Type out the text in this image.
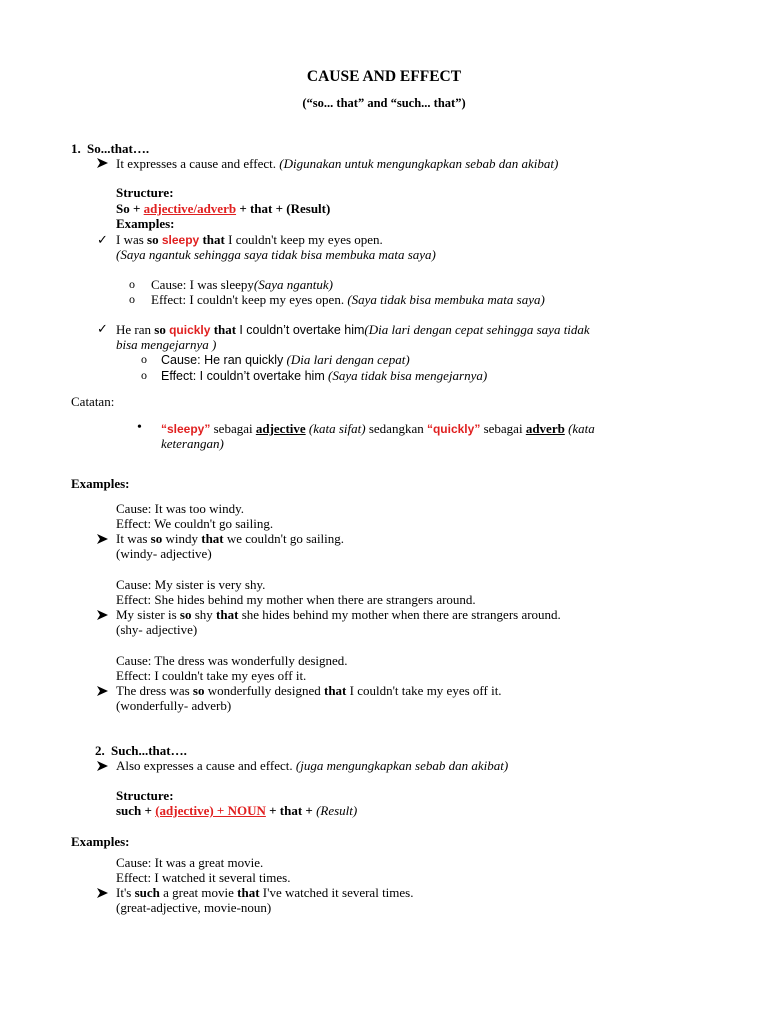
CAUSE AND EFFECT
(“so... that” and “such... that”)
1. So...that….
It expresses a cause and effect. (Digunakan untuk mengungkapkan sebab dan akibat)
Structure:
So + adjective/adverb + that + (Result)
Examples:
✓ I was so sleepy that I couldn't keep my eyes open.
(Saya ngantuk sehingga saya tidak bisa membuka mata saya)
o Cause: I was sleepy(Saya ngantuk)
o Effect: I couldn't keep my eyes open. (Saya tidak bisa membuka mata saya)
✓ He ran so quickly that I couldn’t overtake him(Dia lari dengan cepat sehingga saya tidak
bisa mengejarnya )
o Cause: He ran quickly (Dia lari dengan cepat)
o Effect: I couldn’t overtake him (Saya tidak bisa mengejarnya)
Catatan:
• “sleepy” sebagai adjective (kata sifat) sedangkan “quickly” sebagai adverb (kata
keterangan)
Examples:
Cause: It was too windy.
Effect: We couldn't go sailing.
It was so windy that we couldn't go sailing.
(windy- adjective)
Cause: My sister is very shy.
Effect: She hides behind my mother when there are strangers around.
My sister is so shy that she hides behind my mother when there are strangers around.
(shy- adjective)
Cause: The dress was wonderfully designed.
Effect: I couldn't take my eyes off it.
The dress was so wonderfully designed that I couldn't take my eyes off it.
(wonderfully- adverb)
2. Such...that….
Also expresses a cause and effect. (juga mengungkapkan sebab dan akibat)
Structure:
such + (adjective) + NOUN + that + (Result)
Examples:
Cause: It was a great movie.
Effect: I watched it several times.
It's such a great movie that I've watched it several times.
(great-adjective, movie-noun)
